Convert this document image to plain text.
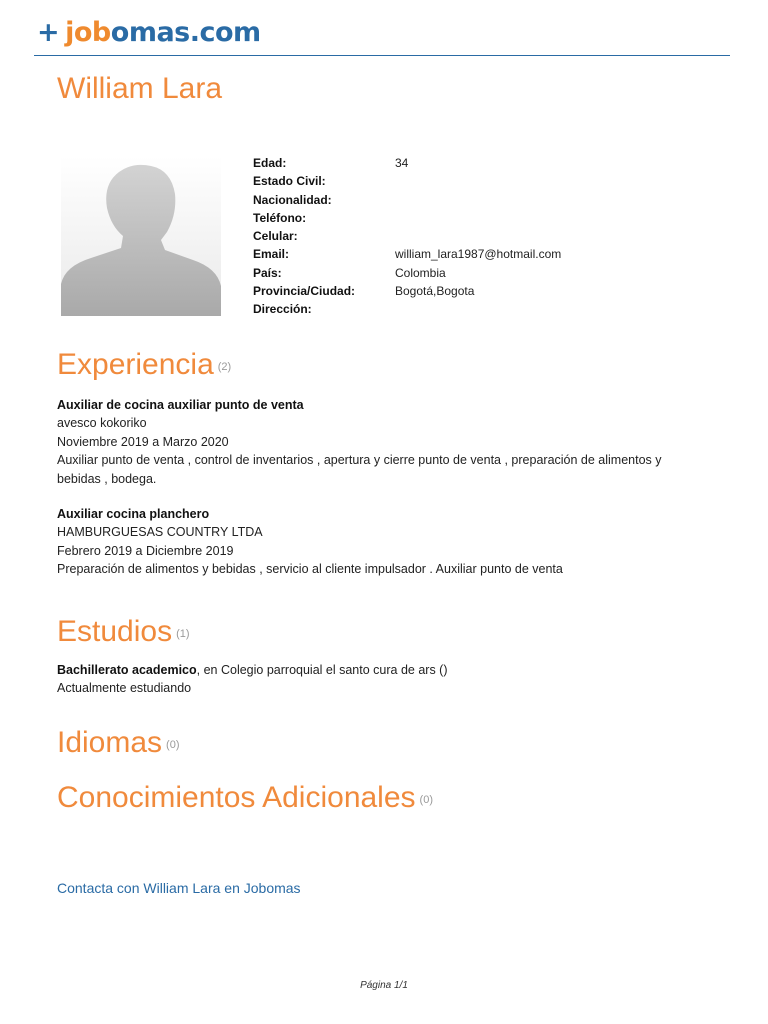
+ jobomas.com
William Lara
Edad:	34
Estado Civil:
Nacionalidad:
Teléfono:
Celular:
Email:	william_lara1987@hotmail.com
País:	Colombia
Provincia/Ciudad:	Bogotá,Bogota
Dirección:
Experiencia (2)
Auxiliar de cocina auxiliar punto de venta
avesco kokoriko
Noviembre 2019 a Marzo 2020
Auxiliar punto de venta , control de inventarios , apertura y cierre punto de venta , preparación de alimentos y bebidas , bodega.
Auxiliar cocina planchero
HAMBURGUESAS COUNTRY LTDA
Febrero 2019 a Diciembre 2019
Preparación de alimentos y bebidas , servicio al cliente impulsador . Auxiliar punto de venta
Estudios (1)
Bachillerato academico, en Colegio parroquial el santo cura de ars ()
Actualmente estudiando
Idiomas (0)
Conocimientos Adicionales (0)
Contacta con William Lara en Jobomas
Página 1/1
